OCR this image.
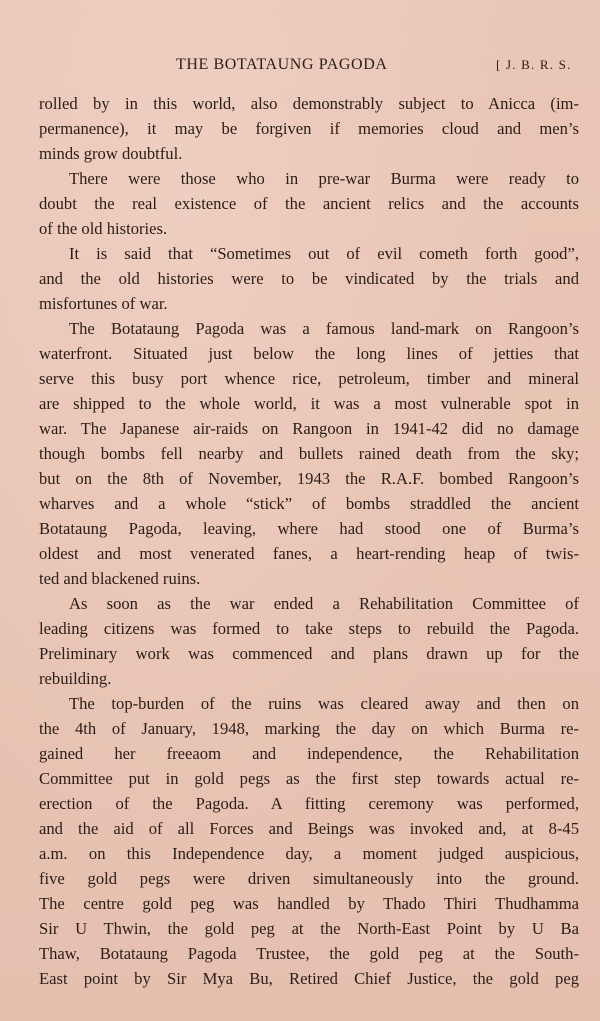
THE BOTATAUNG PAGODA	[ J. B. R. S.
rolled by in this world, also demonstrably subject to Anicca (im-
permanence), it may be forgiven if memories cloud and men’s
minds grow doubtful.
There were those who in pre-war Burma were ready to
doubt the real existence of the ancient relics and the accounts
of the old histories.
It is said that “Sometimes out of evil cometh forth good”,
and the old histories were to be vindicated by the trials and
misfortunes of war.
The Botataung Pagoda was a famous land-mark on Rangoon’s
waterfront. Situated just below the long lines of jetties that
serve this busy port whence rice, petroleum, timber and mineral
are shipped to the whole world, it was a most vulnerable spot in
war. The Japanese air-raids on Rangoon in 1941-42 did no damage
though bombs fell nearby and bullets rained death from the sky;
but on the 8th of November, 1943 the R.A.F. bombed Rangoon’s
wharves and a whole “stick” of bombs straddled the ancient
Botataung Pagoda, leaving, where had stood one of Burma’s
oldest and most venerated fanes, a heart-rending heap of twis-
ted and blackened ruins.
As soon as the war ended a Rehabilitation Committee of
leading citizens was formed to take steps to rebuild the Pagoda.
Preliminary work was commenced and plans drawn up for the
rebuilding.
The top-burden of the ruins was cleared away and then on
the 4th of January, 1948, marking the day on which Burma re-
gained her freeaom and independence, the Rehabilitation
Committee put in gold pegs as the first step towards actual re-
erection of the Pagoda. A fitting ceremony was performed,
and the aid of all Forces and Beings was invoked and, at 8-45
a.m. on this Independence day, a moment judged auspicious,
five gold pegs were driven simultaneously into the ground.
The centre gold peg was handled by Thado Thiri Thudhamma
Sir U Thwin, the gold peg at the North-East Point by U Ba
Thaw, Botataung Pagoda Trustee, the gold peg at the South-
East point by Sir Mya Bu, Retired Chief Justice, the gold peg
